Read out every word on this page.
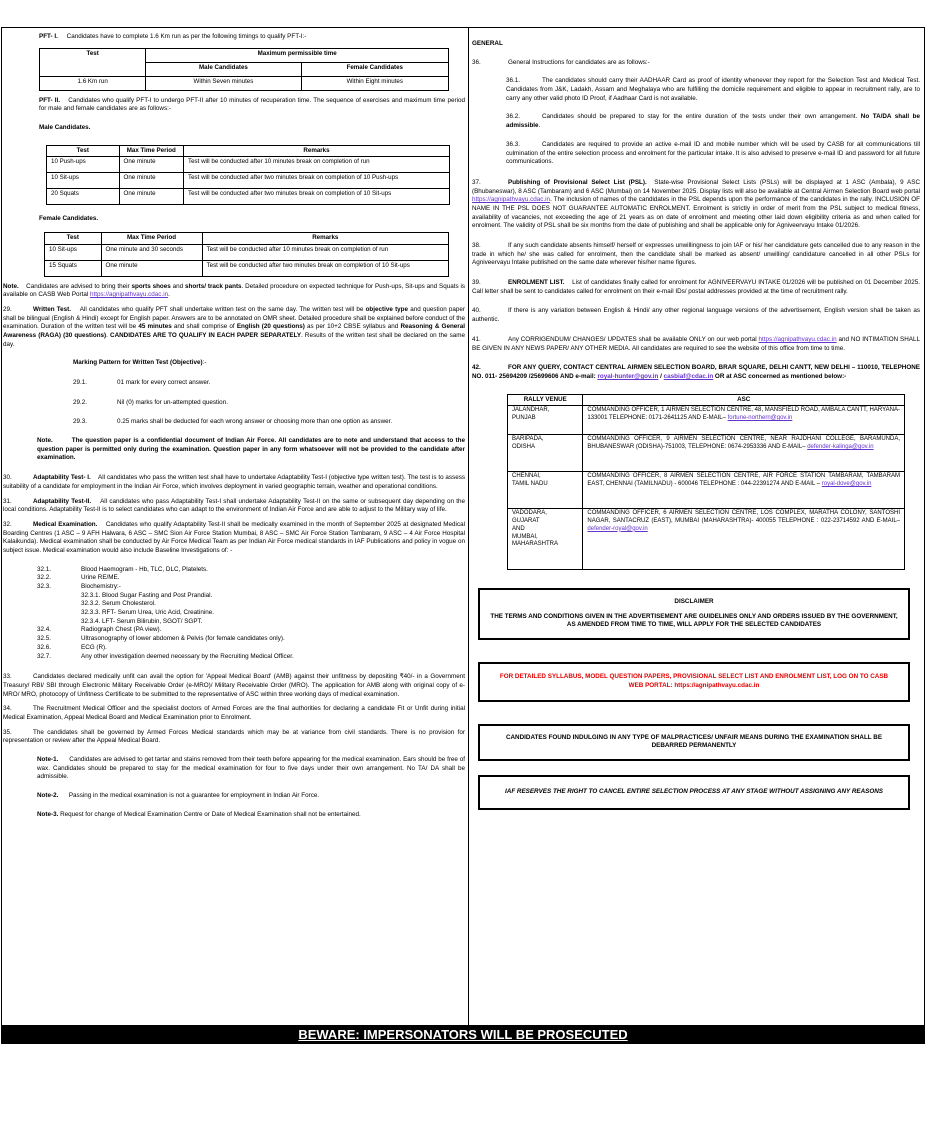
PFT- I. Candidates have to complete 1.6 Km run as per the following timings to qualify PFT-I:-

Test	Maximum permissible time	
	Male Candidates	Female Candidates
1.6 Km run	Within Seven minutes	Within Eight minutes

PFT- II. Candidates who qualify PFT-I to undergo PFT-II after 10 minutes of recuperation time. The sequence of exercises and maximum time period for male and female candidates are as follows:-

Male Candidates.

Test	Max Time Period	Remarks
10 Push-ups	One minute	Test will be conducted after 10 minutes break on completion of run
10 Sit-ups	One minute	Test will be conducted after two minutes break on completion of 10 Push-ups
20 Squats	One minute	Test will be conducted after two minutes break on completion of 10 Sit-ups

Female Candidates.

Test	Max Time Period	Remarks
10 Sit-ups	One minute and 30 seconds	Test will be conducted after 10 minutes break on completion of run
15 Squats	One minute	Test will be conducted after two minutes break on completion of 10 Sit-ups

Note. Candidates are advised to bring their sports shoes and shorts/ track pants. Detailed procedure on expected technique for Push-ups, Sit-ups and Squats is available on CASB Web Portal https://agnipathvayu.cdac.in.

29.	Written Test. All candidates who qualify PFT shall undertake written test on the same day. The written test will be objective type and question paper shall be bilingual (English & Hindi) except for English paper. Answers are to be annotated on OMR sheet. Detailed procedure shall be explained before conduct of the examination. Duration of the written test will be 45 minutes and shall comprise of English (20 questions) as per 10+2 CBSE syllabus and Reasoning & General Awareness (RAGA) (30 questions). CANDIDATES ARE TO QUALIFY IN EACH PAPER SEPARATELY. Results of the written test shall be declared on the same day.

Marking Pattern for Written Test (Objective):-

29.1.	01 mark for every correct answer.

29.2.	Nil (0) marks for un-attempted question.

29.3.	0.25 marks shall be deducted for each wrong answer or choosing more than one option as answer.

Note.	The question paper is a confidential document of Indian Air Force. All candidates are to note and understand that access to the question paper is permitted only during the examination. Question paper in any form whatsoever will not be provided to the candidate after examination.

30.	Adaptability Test- I. All candidates who pass the written test shall have to undertake Adaptability Test-I (objective type written test). The test is to assess suitability of a candidate for employment in the Indian Air Force, which involves deployment in varied geographic terrain, weather and operational conditions.

31.	Adaptability Test-II. All candidates who pass Adaptability Test-I shall undertake Adaptability Test-II on the same or subsequent day depending on the local conditions. Adaptability Test-II is to select candidates who can adapt to the environment of Indian Air Force and are able to adjust to the Military way of life.

32.	Medical Examination. Candidates who qualify Adaptability Test-II shall be medically examined in the month of September 2025 at designated Medical Boarding Centres (1 ASC – 9 AFH Halwara, 6 ASC – SMC Sion Air Force Station Mumbai, 8 ASC – SMC Air Force Station Tambaram, 9 ASC – 4 Air Force Hospital Kalaikunda). Medical examination shall be conducted by Air Force Medical Team as per Indian Air Force medical standards in IAF Publications and policy in vogue on subject issue. Medical examination would also include Baseline Investigations of: -

32.1.	Blood Haemogram - Hb, TLC, DLC, Platelets.
32.2.	Urine RE/ME.
32.3.	Biochemistry:-
32.3.1. Blood Sugar Fasting and Post Prandial.
32.3.2. Serum Cholesterol.
32.3.3. RFT- Serum Urea, Uric Acid, Creatinine.
32.3.4. LFT- Serum Bilirubin, SGOT/ SGPT.
32.4.	Radiograph Chest (PA view).
32.5.	Ultrasonography of lower abdomen & Pelvis (for female candidates only).
32.6.	ECG (R).
32.7.	Any other investigation deemed necessary by the Recruiting Medical Officer.

33.	Candidates declared medically unfit can avail the option for 'Appeal Medical Board' (AMB) against their unfitness by depositing ₹40/- in a Government Treasury/ RBI/ SBI through Electronic Military Receivable Order (e-MRO)/ Military Receivable Order (MRO). The application for AMB along with original copy of e-MRO/ MRO, photocopy of Unfitness Certificate to be submitted to the representative of ASC within three working days of medical examination.

34.	The Recruitment Medical Officer and the specialist doctors of Armed Forces are the final authorities for declaring a candidate Fit or Unfit during initial Medical Examination, Appeal Medical Board and Medical Examination prior to Enrolment.

35.	The candidates shall be governed by Armed Forces Medical standards which may be at variance from civil standards. There is no provision for representation or review after the Appeal Medical Board.

Note-1. Candidates are advised to get tartar and stains removed from their teeth before appearing for the medical examination. Ears should be free of wax. Candidates should be prepared to stay for the medical examination for four to five days under their own arrangement. No TA/ DA shall be admissible.

Note-2. Passing in the medical examination is not a guarantee for employment in Indian Air Force.

Note-3. Request for change of Medical Examination Centre or Date of Medical Examination shall not be entertained.

GENERAL

36.	General Instructions for candidates are as follows:-

36.1.	The candidates should carry their AADHAAR Card as proof of identity whenever they report for the Selection Test and Medical Test. Candidates from J&K, Ladakh, Assam and Meghalaya who are fulfilling the domicile requirement and eligible to appear in recruitment rally, are to carry any other valid photo ID Proof, if Aadhaar Card is not available.

36.2.	Candidates should be prepared to stay for the entire duration of the tests under their own arrangement. No TA/DA shall be admissible.

36.3.	Candidates are required to provide an active e-mail ID and mobile number which will be used by CASB for all communications till culmination of the entire selection process and enrolment for the particular intake. It is also advised to preserve e-mail ID and password for all future communications.

37.	Publishing of Provisional Select List (PSL). State-wise Provisional Select Lists (PSLs) will be displayed at 1 ASC (Ambala), 9 ASC (Bhubaneswar), 8 ASC (Tambaram) and 6 ASC (Mumbai) on 14 November 2025. Display lists will also be available at Central Airmen Selection Board web portal https://agnipathvayu.cdac.in. The inclusion of names of the candidates in the PSL depends upon the performance of the candidates in the rally. INCLUSION OF NAME IN THE PSL DOES NOT GUARANTEE AUTOMATIC ENROLMENT. Enrolment is strictly in order of merit from the PSL subject to medical fitness, availability of vacancies, not exceeding the age of 21 years as on date of enrolment and meeting other laid down eligibility criteria as and when called for enrolment. The validity of PSL shall be six months from the date of publishing and shall be applicable only for Agniveervayu Intake 01/2026.

38.	If any such candidate absents himself/ herself or expresses unwillingness to join IAF or his/ her candidature gets cancelled due to any reason in the trade in which he/ she was called for enrolment, then the candidate shall be marked as absent/ unwilling/ candidature cancelled in all other PSLs for Agniveervayu Intake published on the same date wherever his/her name figures.

39.	ENROLMENT LIST. List of candidates finally called for enrolment for AGNIVEERVAYU INTAKE 01/2026 will be published on 01 December 2025. Call letter shall be sent to candidates called for enrolment on their e-mail IDs/ postal addresses provided at the time of recruitment rally.

40.	If there is any variation between English & Hindi/ any other regional language versions of the advertisement, English version shall be taken as authentic.

41.	Any CORRIGENDUM/ CHANGES/ UPDATES shall be available ONLY on our web portal https://agnipathvayu.cdac.in and NO INTIMATION SHALL BE GIVEN IN ANY NEWS PAPER/ ANY OTHER MEDIA. All candidates are required to see the website of this office from time to time.

42.	FOR ANY QUERY, CONTACT CENTRAL AIRMEN SELECTION BOARD, BRAR SQUARE, DELHI CANTT, NEW DELHI – 110010, TELEPHONE NO. 011- 25694209 /25699606 AND e-mail: royal-hunter@gov.in / casbiaf@cdac.in OR at ASC concerned as mentioned below:-

RALLY VENUE	ASC
JALANDHAR,
PUNJAB	COMMANDING OFFICER, 1 AIRMEN SELECTION CENTRE, 48, MANSFIELD ROAD, AMBALA CANTT, HARYANA- 133001 TELEPHONE: 0171-2641125 AND E-MAIL– fortune-northern@gov.in
BARIPADA,
ODISHA	COMMANDING OFFICER, 9 AIRMEN SELECTION CENTRE, NEAR RAJDHANI COLLEGE, BARAMUNDA, BHUBANESWAR (ODISHA)-751003, TELEPHONE: 0674-2953336 AND E-MAIL– defender-kalinga@gov.in
CHENNAI,
TAMIL NADU	COMMANDING OFFICER, 8 AIRMEN SELECTION CENTRE, AIR FORCE STATION TAMBARAM, TAMBARAM EAST, CHENNAI (TAMILNADU) - 600046 TELEPHONE : 044-22391274 AND E-MAIL – royal-dove@gov.in
VADODARA,
GUJARAT
AND
MUMBAI,
MAHARASHTRA	COMMANDING OFFICER, 6 AIRMEN SELECTION CENTRE, LOS COMPLEX, MARATHA COLONY, SANTOSHI NAGAR, SANTACRUZ (EAST), MUMBAI (MAHARASHTRA)- 400055 TELEPHONE : 022-23714592 AND E-MAIL– defender-royal@gov.in
DISCLAIMER
THE TERMS AND CONDITIONS GIVEN IN THE ADVERTISEMENT ARE GUIDELINES ONLY AND ORDERS ISSUED BY THE GOVERNMENT, AS AMENDED FROM TIME TO TIME, WILL APPLY FOR THE SELECTED CANDIDATES
FOR DETAILED SYLLABUS, MODEL QUESTION PAPERS, PROVISIONAL SELECT LIST AND ENROLMENT LIST, LOG ON TO CASB WEB PORTAL: https://agnipathvayu.cdac.in
CANDIDATES FOUND INDULGING IN ANY TYPE OF MALPRACTICES/ UNFAIR MEANS DURING THE EXAMINATION SHALL BE DEBARRED PERMANENTLY
IAF RESERVES THE RIGHT TO CANCEL ENTIRE SELECTION PROCESS AT ANY STAGE WITHOUT ASSIGNING ANY REASONS
BEWARE: IMPERSONATORS WILL BE PROSECUTED
